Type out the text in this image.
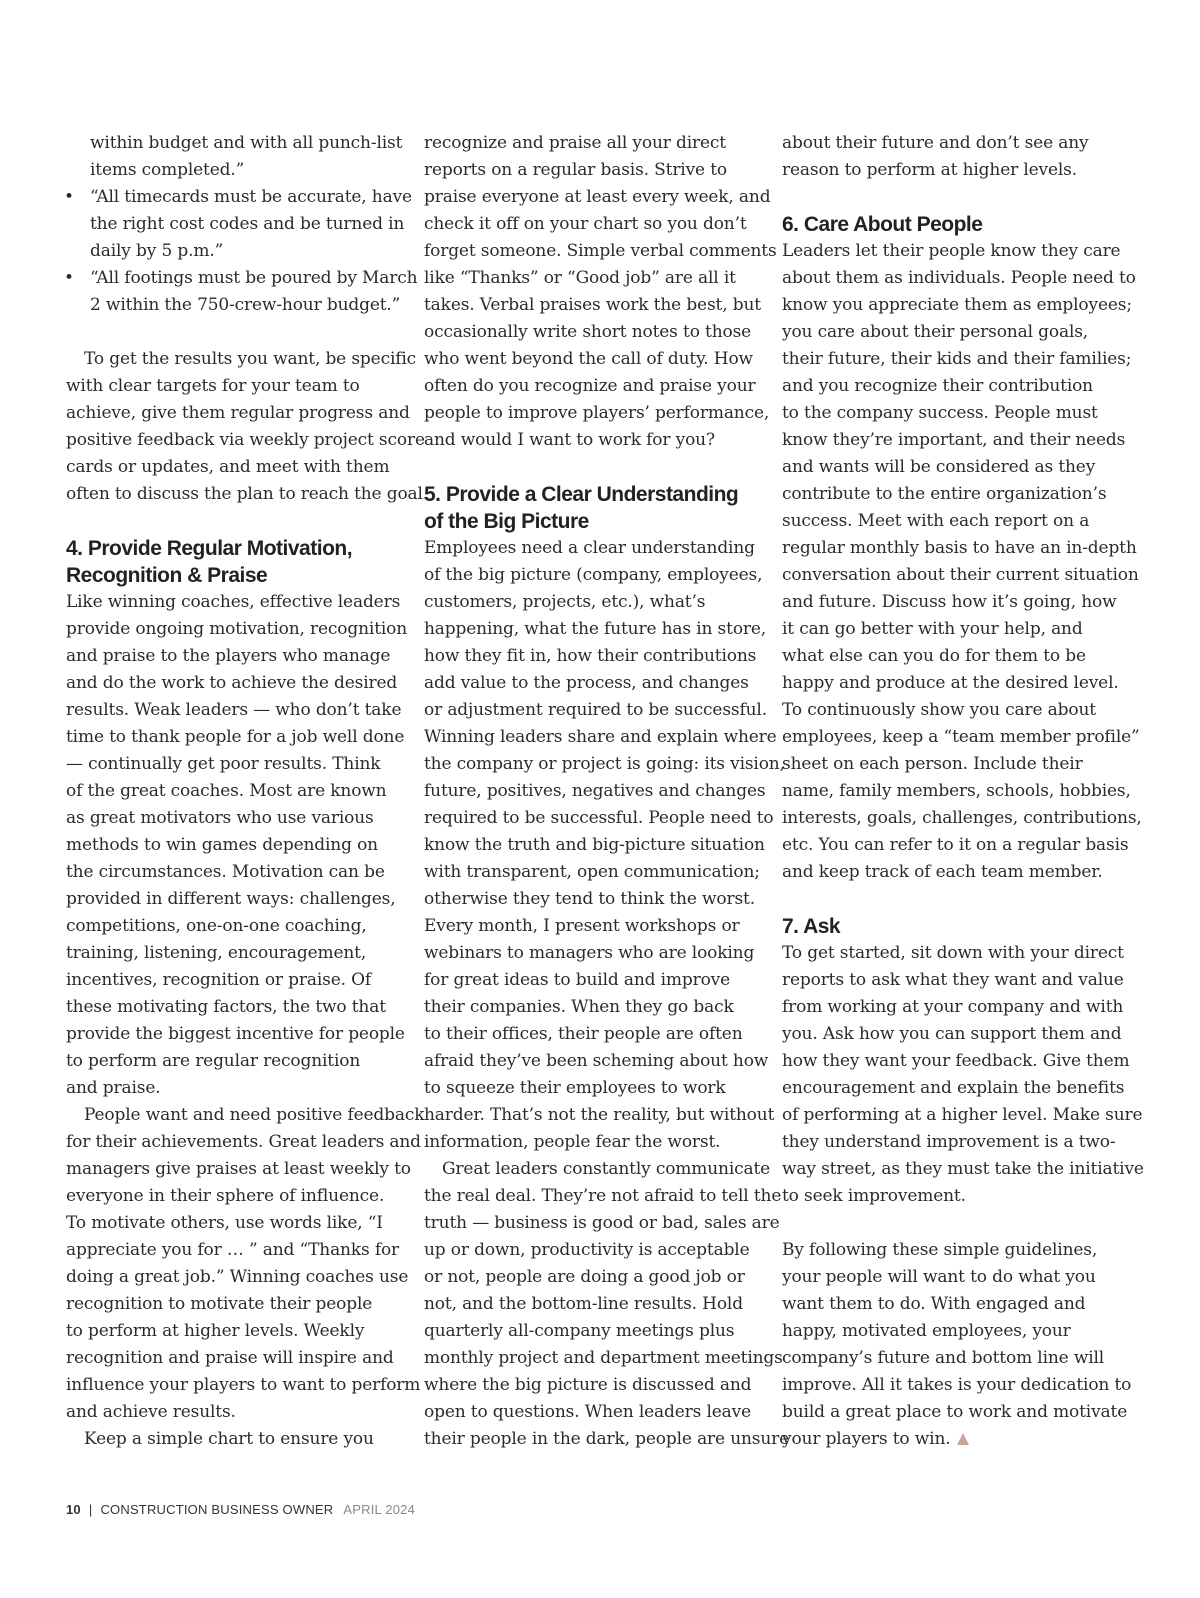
within budget and with all punch-list
items completed.”
• “All timecards must be accurate, have
the right cost codes and be turned in
daily by 5 p.m.”
• “All footings must be poured by March
2 within the 750-crew-hour budget.”

To get the results you want, be specific

with clear targets for your team to

achieve, give them regular progress and

positive feedback via weekly project score

cards or updates, and meet with them

often to discuss the plan to reach the goal.

4. Provide Regular Motivation,
Recognition & Praise

Like winning coaches, effective leaders

provide ongoing motivation, recognition

and praise to the players who manage

and do the work to achieve the desired

results. Weak leaders — who don’t take

time to thank people for a job well done

— continually get poor results. Think

of the great coaches. Most are known

as great motivators who use various

methods to win games depending on

the circumstances. Motivation can be

provided in different ways: challenges,

competitions, one-on-one coaching,

training, listening, encouragement,

incentives, recognition or praise. Of

these motivating factors, the two that

provide the biggest incentive for people

to perform are regular recognition

and praise.

People want and need positive feedback

for their achievements. Great leaders and

managers give praises at least weekly to

everyone in their sphere of influence.

To motivate others, use words like, “I

appreciate you for … ” and “Thanks for

doing a great job.” Winning coaches use

recognition to motivate their people

to perform at higher levels. Weekly

recognition and praise will inspire and

influence your players to want to perform

and achieve results.

Keep a simple chart to ensure you

recognize and praise all your direct

reports on a regular basis. Strive to

praise everyone at least every week, and

check it off on your chart so you don’t

forget someone. Simple verbal comments

like “Thanks” or “Good job” are all it

takes. Verbal praises work the best, but

occasionally write short notes to those

who went beyond the call of duty. How

often do you recognize and praise your

people to improve players’ performance,

and would I want to work for you?

5. Provide a Clear Understanding
of the Big Picture

Employees need a clear understanding

of the big picture (company, employees,

customers, projects, etc.), what’s

happening, what the future has in store,

how they fit in, how their contributions

add value to the process, and changes

or adjustment required to be successful.

Winning leaders share and explain where

the company or project is going: its vision,

future, positives, negatives and changes

required to be successful. People need to

know the truth and big-picture situation

with transparent, open communication;

otherwise they tend to think the worst.

Every month, I present workshops or

webinars to managers who are looking

for great ideas to build and improve

their companies. When they go back

to their offices, their people are often

afraid they’ve been scheming about how

to squeeze their employees to work

harder. That’s not the reality, but without

information, people fear the worst.

Great leaders constantly communicate

the real deal. They’re not afraid to tell the

truth — business is good or bad, sales are

up or down, productivity is acceptable

or not, people are doing a good job or

not, and the bottom-line results. Hold

quarterly all-company meetings plus

monthly project and department meetings

where the big picture is discussed and

open to questions. When leaders leave

their people in the dark, people are unsure

about their future and don’t see any

reason to perform at higher levels.

6. Care About People

Leaders let their people know they care

about them as individuals. People need to

know you appreciate them as employees;

you care about their personal goals,

their future, their kids and their families;

and you recognize their contribution

to the company success. People must

know they’re important, and their needs

and wants will be considered as they

contribute to the entire organization’s

success. Meet with each report on a

regular monthly basis to have an in-depth

conversation about their current situation

and future. Discuss how it’s going, how

it can go better with your help, and

what else can you do for them to be

happy and produce at the desired level.

To continuously show you care about

employees, keep a “team member profile”

sheet on each person. Include their

name, family members, schools, hobbies,

interests, goals, challenges, contributions,

etc. You can refer to it on a regular basis

and keep track of each team member.

7. Ask

To get started, sit down with your direct

reports to ask what they want and value

from working at your company and with

you. Ask how you can support them and

how they want your feedback. Give them

encouragement and explain the benefits

of performing at a higher level. Make sure

they understand improvement is a two-

way street, as they must take the initiative

to seek improvement.

By following these simple guidelines,

your people will want to do what you

want them to do. With engaged and

happy, motivated employees, your

company’s future and bottom line will

improve. All it takes is your dedication to

build a great place to work and motivate

your players to win.

10 | CONSTRUCTION BUSINESS OWNER APRIL 2024
